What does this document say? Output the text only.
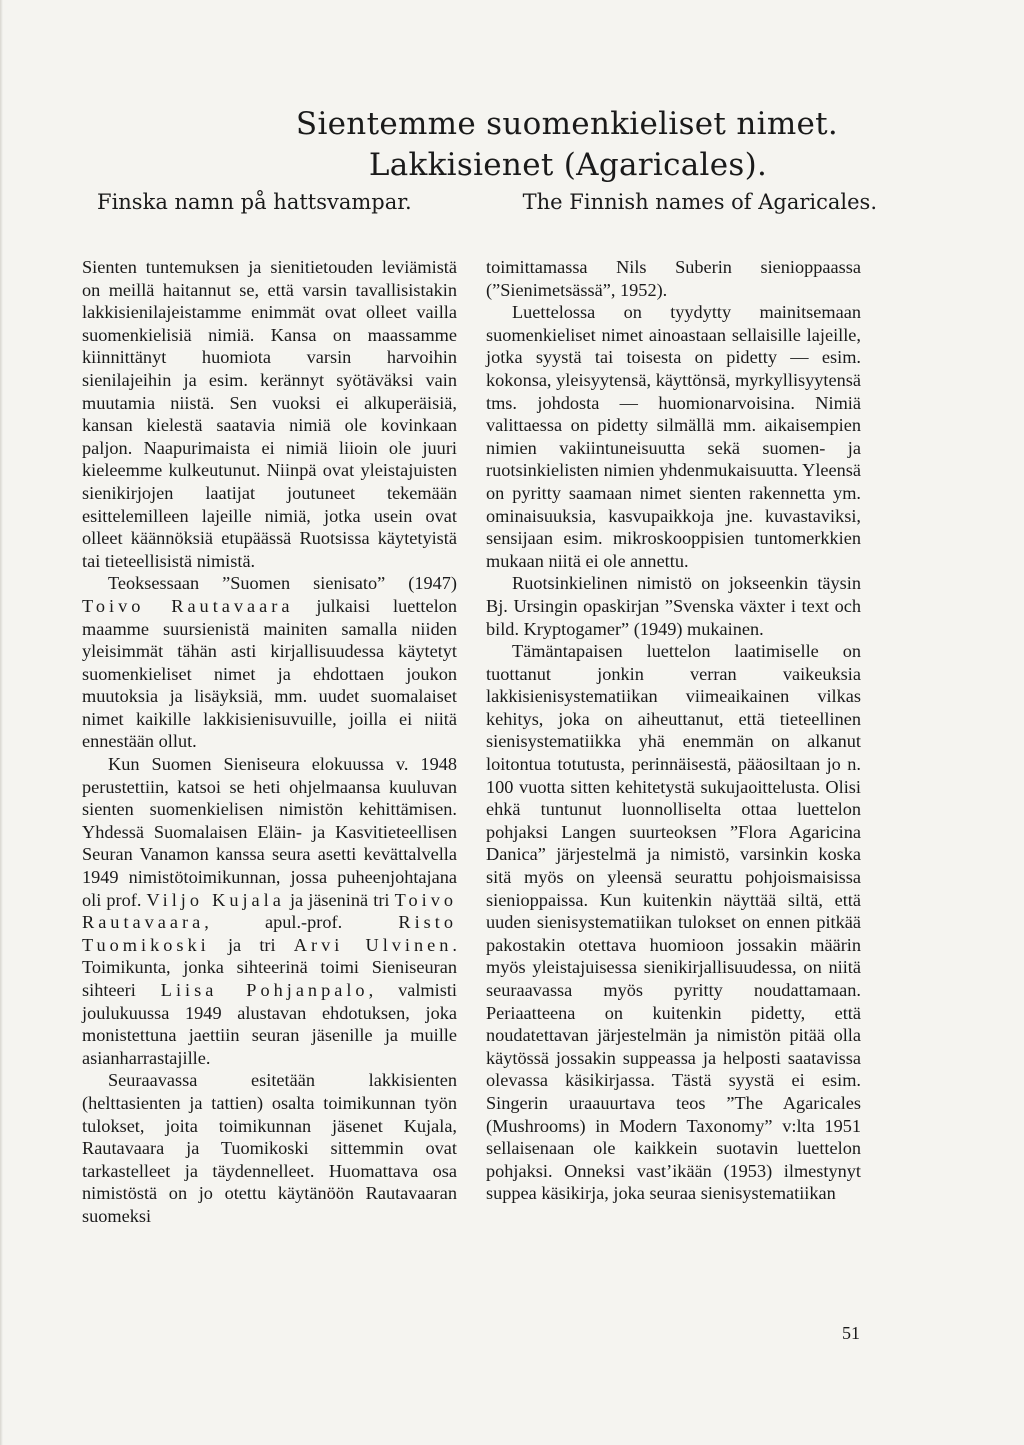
Sientemme suomenkieliset nimet.
Lakkisienet (Agaricales).
Finska namn på hattsvampar.	The Finnish names of Agaricales.

Sienten tuntemuksen ja sienitietouden leviämistä on meillä haitannut se, että varsin tavallisistakin lakkisienilajeistamme enimmät ovat olleet vailla suomenkielisiä nimiä. Kansa on maassamme kiinnittänyt huomiota varsin harvoihin sienilajeihin ja esim. kerännyt syötäväksi vain muutamia niistä. Sen vuoksi ei alkuperäisiä, kansan kielestä saatavia nimiä ole kovinkaan paljon. Naapurimaista ei nimiä liioin ole juuri kieleemme kulkeutunut. Niinpä ovat yleistajuisten sienikirjojen laatijat joutuneet tekemään esittelemilleen lajeille nimiä, jotka usein ovat olleet käännöksiä etupäässä Ruotsissa käytetyistä tai tieteellisistä nimistä.

Teoksessaan ”Suomen sienisato” (1947) Toivo Rautavaara julkaisi luettelon maamme suursienistä mainiten samalla niiden yleisimmät tähän asti kirjallisuudessa käytetyt suomenkieliset nimet ja ehdottaen joukon muutoksia ja lisäyksiä, mm. uudet suomalaiset nimet kaikille lakkisienisuvuille, joilla ei niitä ennestään ollut.

Kun Suomen Sieniseura elokuussa v. 1948 perustettiin, katsoi se heti ohjelmaansa kuuluvan sienten suomenkielisen nimistön kehittämisen. Yhdessä Suomalaisen Eläin- ja Kasvitieteellisen Seuran Vanamon kanssa seura asetti kevättalvella 1949 nimistötoimikunnan, jossa puheenjohtajana oli prof. Viljo Kujala ja jäseninä tri Toivo Rautavaara, apul.-prof. Risto Tuomikoski ja tri Arvi Ulvinen. Toimikunta, jonka sihteerinä toimi Sieniseuran sihteeri Liisa Pohjanpalo, valmisti joulukuussa 1949 alustavan ehdotuksen, joka monistettuna jaettiin seuran jäsenille ja muille asianharrastajille.

Seuraavassa esitetään lakkisienten (helttasienten ja tattien) osalta toimikunnan työn tulokset, joita toimikunnan jäsenet Kujala, Rautavaara ja Tuomikoski sittemmin ovat tarkastelleet ja täydennelleet. Huomattava osa nimistöstä on jo otettu käytänöön Rautavaaran suomeksi

toimittamassa Nils Suberin sienioppaassa (”Sienimetsässä”, 1952).

Luettelossa on tyydytty mainitsemaan suomenkieliset nimet ainoastaan sellaisille lajeille, jotka syystä tai toisesta on pidetty — esim. kokonsa, yleisyytensä, käyttönsä, myrkyllisyytensä tms. johdosta — huomionarvoisina. Nimiä valittaessa on pidetty silmällä mm. aikaisempien nimien vakiintuneisuutta sekä suomen- ja ruotsinkielisten nimien yhdenmukaisuutta. Yleensä on pyritty saamaan nimet sienten rakennetta ym. ominaisuuksia, kasvupaikkoja jne. kuvastaviksi, sensijaan esim. mikroskooppisien tuntomerkkien mukaan niitä ei ole annettu.

Ruotsinkielinen nimistö on jokseenkin täysin Bj. Ursingin opaskirjan ”Svenska växter i text och bild. Kryptogamer” (1949) mukainen.

Tämäntapaisen luettelon laatimiselle on tuottanut jonkin verran vaikeuksia lakkisienisystematiikan viimeaikainen vilkas kehitys, joka on aiheuttanut, että tieteellinen sienisystematiikka yhä enemmän on alkanut loitontua totutusta, perinnäisestä, pääosiltaan jo n. 100 vuotta sitten kehitetystä sukujaoittelusta. Olisi ehkä tuntunut luonnolliselta ottaa luettelon pohjaksi Langen suurteoksen ”Flora Agaricina Danica” järjestelmä ja nimistö, varsinkin koska sitä myös on yleensä seurattu pohjoismaisissa sienioppaissa. Kun kuitenkin näyttää siltä, että uuden sienisystematiikan tulokset on ennen pitkää pakostakin otettava huomioon jossakin määrin myös yleistajuisessa sienikirjallisuudessa, on niitä seuraavassa myös pyritty noudattamaan. Periaatteena on kuitenkin pidetty, että noudatettavan järjestelmän ja nimistön pitää olla käytössä jossakin suppeassa ja helposti saatavissa olevassa käsikirjassa. Tästä syystä ei esim. Singerin uraauurtava teos ”The Agaricales (Mushrooms) in Modern Taxonomy” v:lta 1951 sellaisenaan ole kaikkein suotavin luettelon pohjaksi. Onneksi vast’ikään (1953) ilmestynyt suppea käsikirja, joka seuraa sienisystematiikan

51
